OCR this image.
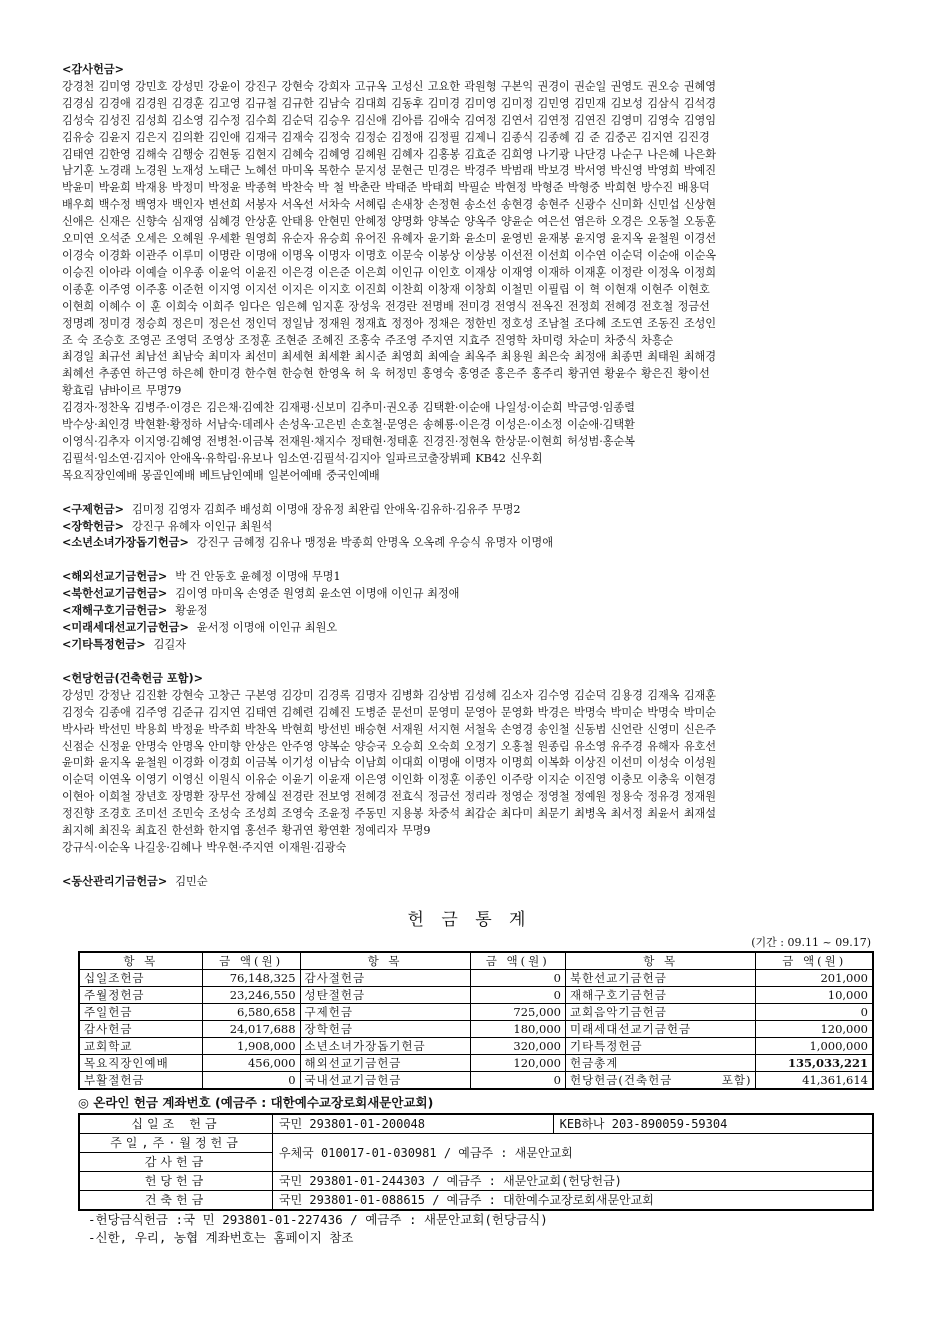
<감사헌금>
강경천 김미영 강민호 강성민 강윤이 강진구 강현숙 강희자 고규옥 고성신 고요한 곽원형 구본익 권경이 권순일 권영도 권오승 권혜영
김경심 김경애 김경원 김경훈 김고영 김규철 김규한 김남숙 김대희 김동후 김미경 김미영 김미정 김민영 김민재 김보성 김삼식 김석경
김성숙 김성진 김성희 김소영 김수정 김수희 김순덕 김승우 김신애 김아름 김애숙 김여정 김연서 김연정 김연진 김영미 김영숙 김영임
김유숭 김윤지 김은지 김의환 김인애 김재극 김재숙 김정숙 김정순 김정애 김정필 김제니 김종식 김종혜 김 준 김중곤 김지연 김진경
김태연 김한영 김해숙 김행숭 김현동 김현지 김혜숙 김혜영 김혜원 김혜자 김홍봉 김효준 김희영 나기광 나단경 나순구 나은혜 나은화
남기훈 노경래 노경원 노재성 노태근 노혜선 마미옥 목한수 문지성 문현근 민경은 박경주 박범래 박보경 박서영 박신영 박영희 박예진
박윤미 박윤희 박재용 박정미 박정윤 박종혁 박찬숙 박 철 박춘란 박태준 박태희 박필순 박현정 박형준 박형중 박희현 방수진 배용덕
배우희 백수정 백영자 백인자 변선희 서봉자 서옥선 서차숙 서혜림 손새창 손정현 송소선 송현경 송현주 신광수 신미화 신민섭 신상현
신애은 신재은 신향숙 심재영 심혜경 안상훈 안태용 안현민 안혜정 양명화 양복순 양옥주 양윤순 여은선 염은하 오경은 오동철 오동훈
오미연 오석준 오세은 오혜원 우세환 원영희 유순자 유승희 유어진 유혜자 윤기화 윤소미 윤영빈 윤재봉 윤지영 윤지옥 윤철원 이경선
이경숙 이경화 이관주 이루미 이명란 이명애 이명옥 이명자 이명호 이문숙 이봉상 이상봉 이선전 이선희 이수연 이순덕 이순애 이순옥
이승진 이아라 이예슬 이우종 이윤억 이윤진 이은경 이은준 이은희 이인규 이인호 이재상 이재영 이재하 이재훈 이정란 이정옥 이정희
이종훈 이주영 이주홍 이준헌 이지영 이지선 이지은 이지호 이진희 이찬희 이창재 이창희 이철민 이필립 이 혁 이현재 이현주 이현호
이현희 이혜수 이 훈 이희숙 이희주 임다은 임은혜 임지훈 장성욱 전경란 전명배 전미경 전영식 전옥진 전정희 전혜경 전호철 정금선
정명례 정미경 정승희 정은미 정은선 정인덕 정일남 정재원 정재효 정정아 정채은 정한빈 정호성 조남철 조다혜 조도연 조동진 조성인
조 숙 조승호 조영곤 조영덕 조영상 조정훈 조현준 조혜진 조홍숙 주조영 주지연 지효주 진영학 차미령 차순미 차중식 차흥순
최경일 최규선 최남선 최남숙 최미자 최선미 최세현 최세환 최시준 최영희 최예슬 최옥주 최용원 최은숙 최정애 최종면 최태원 최해경
최혜선 추종연 하근영 하은혜 한미경 한수현 한승현 한영옥 허 욱 허정민 홍영숙 홍영준 홍은주 홍주리 황귀연 황윤수 황은진 황이선
황효림 냠바이르 무명79
김경자·정찬옥 김병주·이경은 김은채·김예찬 김재평·신보미 김추미·권오종 김택환·이순애 나일성·이순희 박금영·임종렬
박수상·최인경 박현환·황정하 서남숙·데레사 손성옥·고은빈 손호철·문영은 송혜룡·이은경 이성은·이소정 이순애·김택환
이영식·김추자 이지영·김혜영 전병천·이금복 전재원·채지수 정태현·정태훈 진경진·정현옥 한상문·이현희 허성범·홍순복
김필석·임소연·김지아 안애옥·유학림·유보나 임소연·김필석·김지아 일파르코출장뷔페 KB42 신우회
목요직장인예배 몽골인예배 베트남인예배 일본어예배 중국인예배
<구제헌금> 김미정 김영자 김희주 배성희 이명애 장유정 최완림 안애옥·김유하·김유주 무명2
<장학헌금> 강진구 유혜자 이인규 최원석
<소년소녀가장돕기헌금> 강진구 금혜정 김유나 맹정윤 박종희 안명옥 오옥례 우승식 유명자 이명애
<해외선교기금헌금> 박 건 안동호 윤혜정 이명애 무명1
<북한선교기금헌금> 김이영 마미옥 손영준 원영희 윤소연 이명애 이인규 최정애
<재해구호기금헌금> 황윤정
<미래세대선교기금헌금> 윤서정 이명애 이인규 최원오
<기타특정헌금> 김길자
<헌당헌금(건축헌금 포함)>
강성민 강정난 김진환 강현숙 고창근 구본영 김강미 김경록 김명자 김병화 김상범 김성혜 김소자 김수영 김순덕 김용경 김재옥 김재훈
김정숙 김종애 김주영 김준규 김지연 김태연 김혜련 김혜진 도병준 문선미 문영미 문영아 문영화 박경은 박명숙 박미순 박명숙 박미순
박사라 박선민 박용희 박정윤 박주희 박찬옥 박현희 방선빈 배승현 서재원 서지현 서철욱 손영경 송인철 신동범 신언란 신영미 신은주
신점순 신정윤 안명숙 안명옥 안미향 안상은 안주영 양복순 양승국 오승희 오숙희 오정기 오홍철 원종림 유소영 유주경 유해자 유호선
윤미화 윤지옥 윤철원 이경화 이경희 이금복 이기성 이남숙 이남희 이대희 이명애 이명자 이명희 이복화 이상진 이선미 이성숙 이성원
이순덕 이연옥 이영기 이영신 이원식 이유순 이윤기 이윤재 이은영 이인화 이정훈 이종인 이주랑 이지순 이진영 이충모 이충욱 이현경
이현아 이희철 장년호 장명환 장무선 장혜실 전경란 전보영 전혜경 전효식 정금선 정리라 정영순 정영철 정예원 정용숙 정유경 정재원
정진향 조경호 조미선 조민숙 조성숙 조성희 조영숙 조윤정 주동민 지용봉 차중석 최갑순 최다미 최문기 최병옥 최서정 최윤서 최재설
최지혜 최진욱 최효진 한선화 한지엽 홍선주 황귀연 황연환 정예리자 무명9
강규식·이순옥 나길웅·김혜나 박우현·주지연 이재원·김광숙
<동산관리기금헌금> 김민순
헌 금 통 계
(기간 : 09.11 ~ 09.17)
항 목	금 액(원)	항 목	금 액(원)	항 목	금 액(원)
십일조헌금	76,148,325	감사절헌금	0	북한선교기금헌금	201,000
주월정헌금	23,246,550	성탄절헌금	0	재해구호기금헌금	10,000
주일헌금	6,580,658	구제헌금	725,000	교회음악기금헌금	0
감사헌금	24,017,688	장학헌금	180,000	미래세대선교기금헌금	120,000
교회학교	1,908,000	소년소녀가장돕기헌금	320,000	기타특정헌금	1,000,000
목요직장인예배	456,000	해외선교기금헌금	120,000	헌금총계	135,033,221
부활절헌금	0	국내선교기금헌금	0	헌당헌금(건축헌금 포함)	41,361,614
◎ 온라인 헌금 계좌번호 (예금주 : 대한예수교장로회새문안교회)
십일조 헌금	국민 293801-01-200048	KEB하나 203-890059-59304
주일,주·월정헌금	우체국 010017-01-030981 / 예금주 : 새문안교회	
감사헌금		
헌당헌금	국민 293801-01-244303 / 예금주 : 새문안교회(헌당헌금)	
건축헌금	국민 293801-01-088615 / 예금주 : 대한예수교장로회새문안교회	
-헌당금식헌금 :국 민 293801-01-227436 / 예금주 : 새문안교회(헌당금식)
-신한, 우리, 농협 계좌번호는 홈페이지 참조
